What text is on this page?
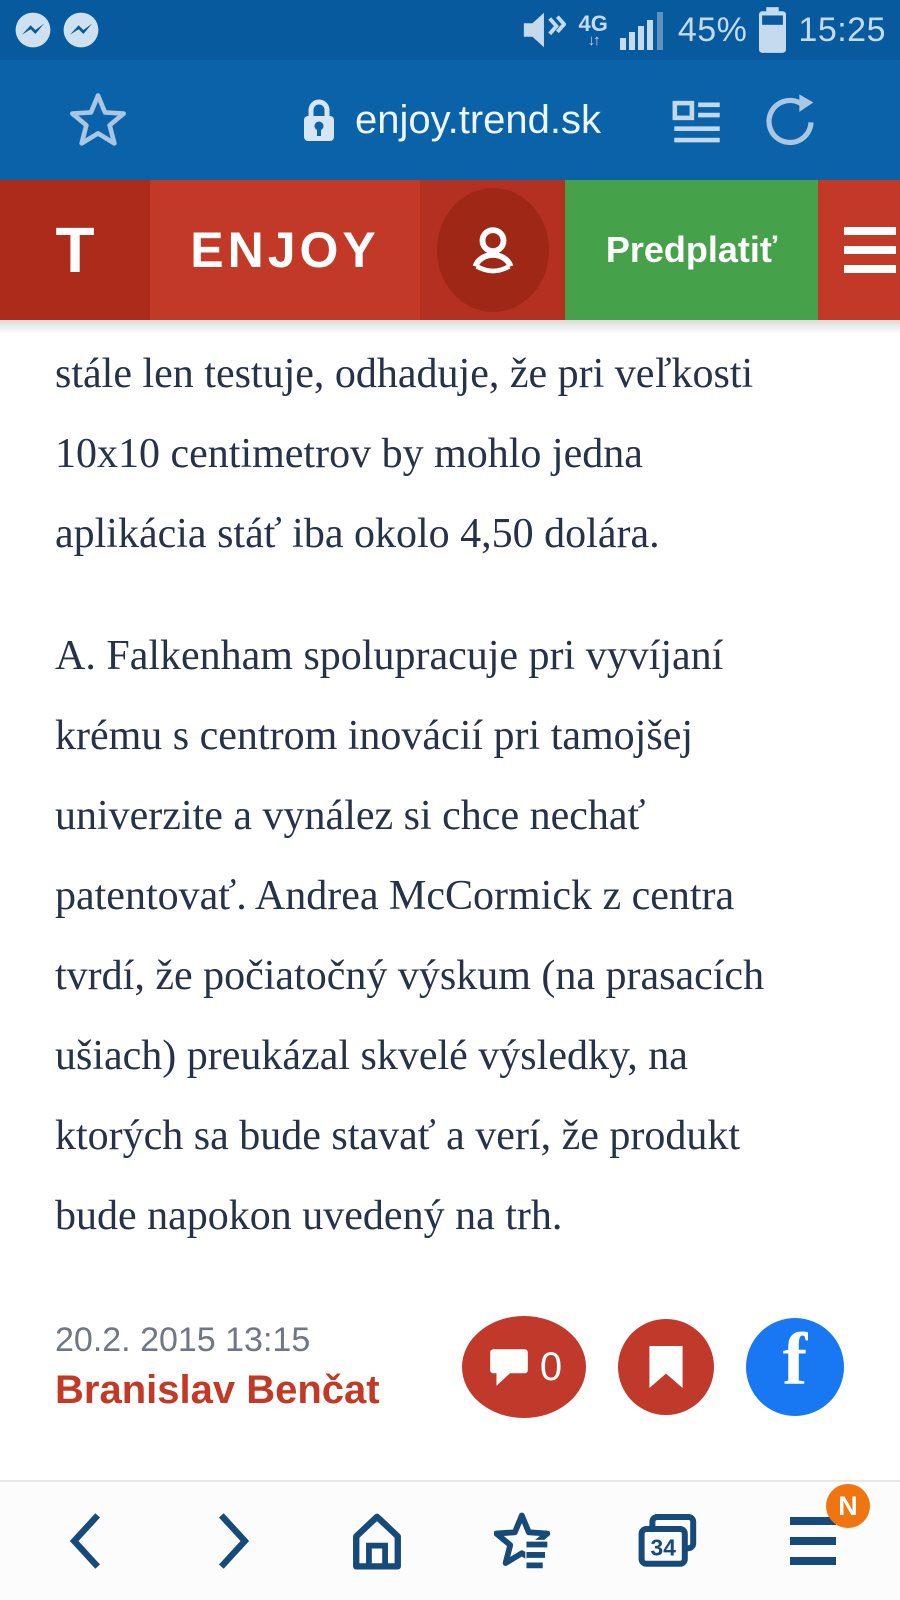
4G
↓↑ 45% 15:25
enjoy.trend.sk
T ENJOY	Predplatiť

stále len testuje, odhaduje, že pri veľkosti
10x10 centimetrov by mohlo jedna
aplikácia stáť iba okolo 4,50 dolára.

A. Falkenham spolupracuje pri vyvíjaní
krému s centrom inovácií pri tamojšej
univerzite a vynález si chce nechať
patentovať. Andrea McCormick z centra
tvrdí, že počiatočný výskum (na prasacích
ušiach) preukázal skvelé výsledky, na
ktorých sa bude stavať a verí, že produkt
bude napokon uvedený na trh.

20.2. 2015 13:15
Branislav Benčat
0	f
34
N
